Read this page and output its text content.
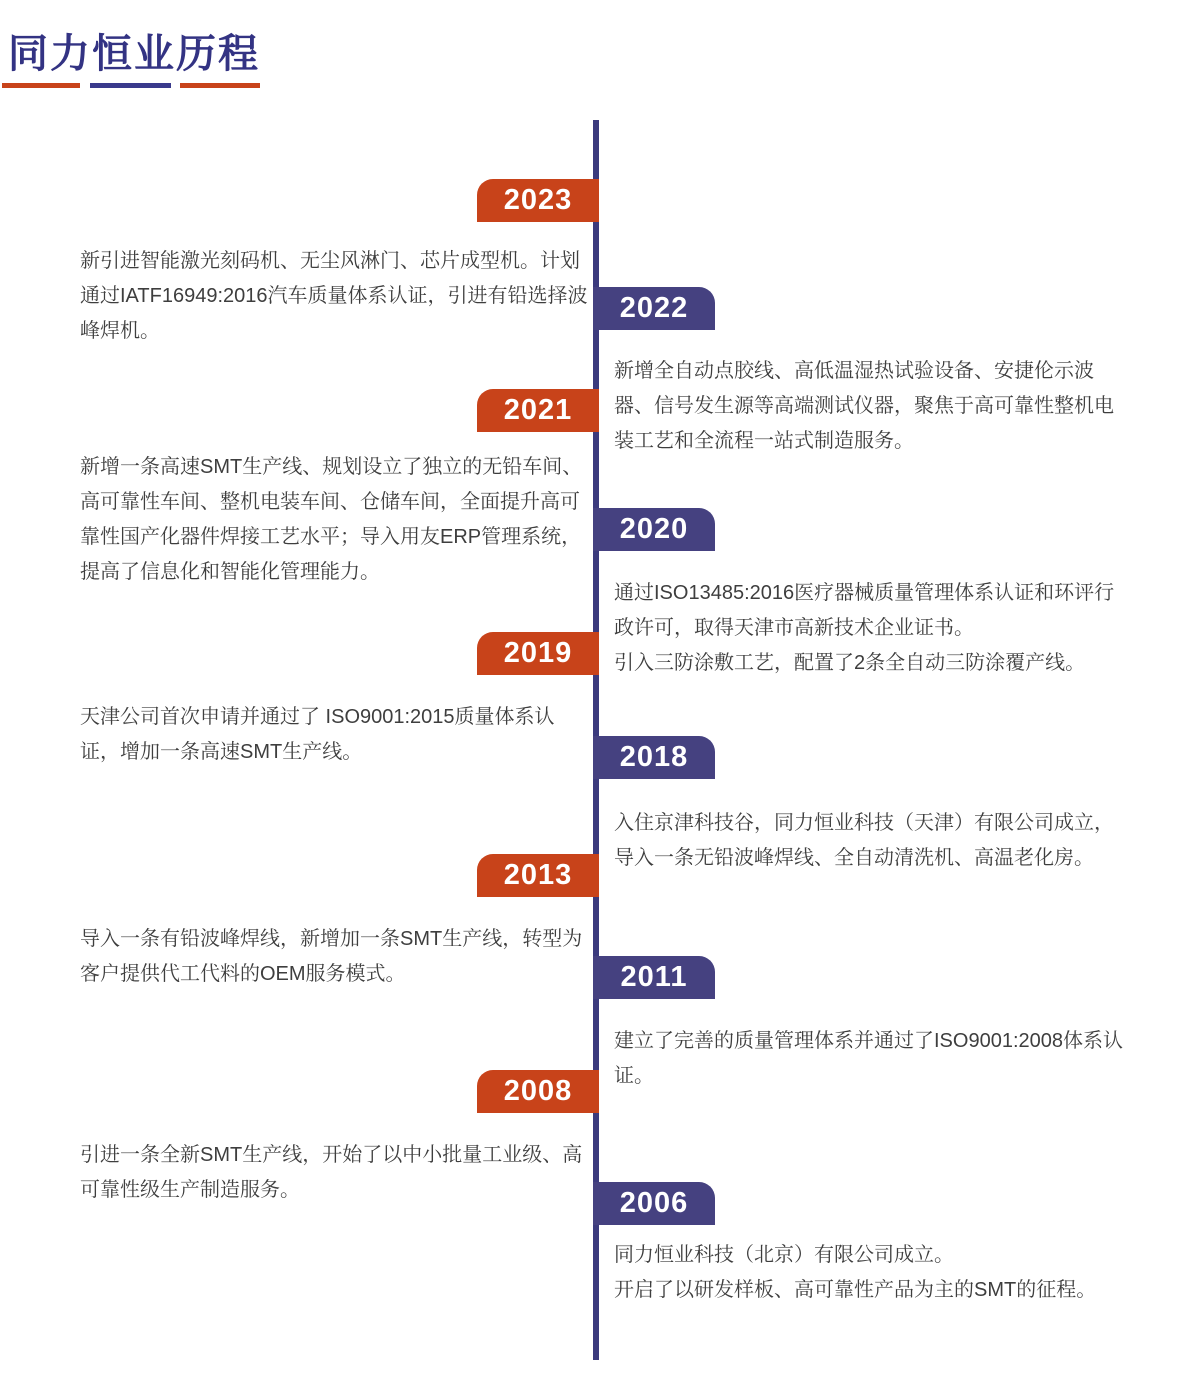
同力恒业历程
2023

新引进智能激光刻码机、无尘风淋门、芯片成型机。计划通过IATF16949:2016汽车质量体系认证，引进有铅选择波峰焊机。

2022

新增全自动点胶线、高低温湿热试验设备、安捷伦示波器、信号发生源等高端测试仪器，聚焦于高可靠性整机电装工艺和全流程一站式制造服务。

2021

新增一条高速SMT生产线、规划设立了独立的无铅车间、高可靠性车间、整机电装车间、仓储车间，全面提升高可靠性国产化器件焊接工艺水平；导入用友ERP管理系统，提高了信息化和智能化管理能力。

2020

通过ISO13485:2016医疗器械质量管理体系认证和环评行政许可，取得天津市高新技术企业证书。

引入三防涂敷工艺，配置了2条全自动三防涂覆产线。

2019

天津公司首次申请并通过了 ISO9001:2015质量体系认证，增加一条高速SMT生产线。	2018

入住京津科技谷，同力恒业科技（天津）有限公司成立，导入一条无铅波峰焊线、全自动清洗机、高温老化房。

2013

导入一条有铅波峰焊线，新增加一条SMT生产线，转型为客户提供代工代料的OEM服务模式。	2011

建立了完善的质量管理体系并通过了ISO9001:2008体系认证。

2008

引进一条全新SMT生产线，开始了以中小批量工业级、高可靠性级生产制造服务。	2006

同力恒业科技（北京）有限公司成立。

开启了以研发样板、高可靠性产品为主的SMT的征程。
